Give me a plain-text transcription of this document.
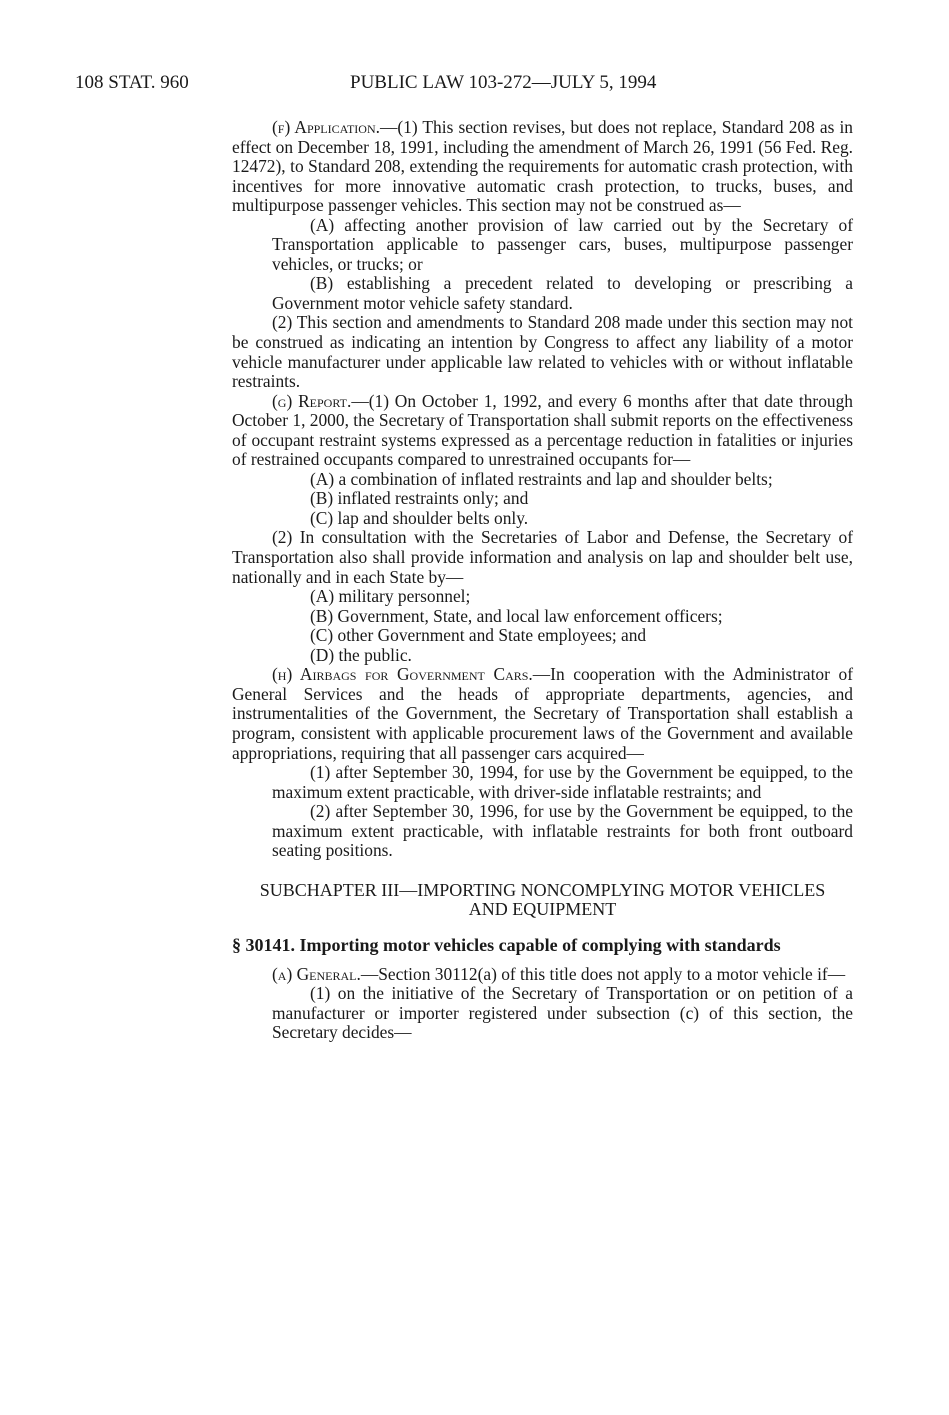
108 STAT. 960	PUBLIC LAW 103-272—JULY 5, 1994

(f) Application.—(1) This section revises, but does not replace, Standard 208 as in effect on December 18, 1991, including the amendment of March 26, 1991 (56 Fed. Reg. 12472), to Standard 208, extending the requirements for automatic crash protection, with incentives for more innovative automatic crash protection, to trucks, buses, and multipurpose passenger vehicles. This section may not be construed as—

(A) affecting another provision of law carried out by the Secretary of Transportation applicable to passenger cars, buses, multipurpose passenger vehicles, or trucks; or

(B) establishing a precedent related to developing or prescribing a Government motor vehicle safety standard.

(2) This section and amendments to Standard 208 made under this section may not be construed as indicating an intention by Congress to affect any liability of a motor vehicle manufacturer under applicable law related to vehicles with or without inflatable restraints.

(g) Report.—(1) On October 1, 1992, and every 6 months after that date through October 1, 2000, the Secretary of Transportation shall submit reports on the effectiveness of occupant restraint systems expressed as a percentage reduction in fatalities or injuries of restrained occupants compared to unrestrained occupants for—

(A) a combination of inflated restraints and lap and shoulder belts;

(B) inflated restraints only; and

(C) lap and shoulder belts only.

(2) In consultation with the Secretaries of Labor and Defense, the Secretary of Transportation also shall provide information and analysis on lap and shoulder belt use, nationally and in each State by—

(A) military personnel;

(B) Government, State, and local law enforcement officers;

(C) other Government and State employees; and

(D) the public.

(h) Airbags for Government Cars.—In cooperation with the Administrator of General Services and the heads of appropriate departments, agencies, and instrumentalities of the Government, the Secretary of Transportation shall establish a program, consistent with applicable procurement laws of the Government and available appropriations, requiring that all passenger cars acquired—

(1) after September 30, 1994, for use by the Government be equipped, to the maximum extent practicable, with driver-side inflatable restraints; and

(2) after September 30, 1996, for use by the Government be equipped, to the maximum extent practicable, with inflatable restraints for both front outboard seating positions.

SUBCHAPTER III—IMPORTING NONCOMPLYING MOTOR VEHICLES AND EQUIPMENT

§ 30141. Importing motor vehicles capable of complying with standards

(a) General.—Section 30112(a) of this title does not apply to a motor vehicle if—

(1) on the initiative of the Secretary of Transportation or on petition of a manufacturer or importer registered under subsection (c) of this section, the Secretary decides—
